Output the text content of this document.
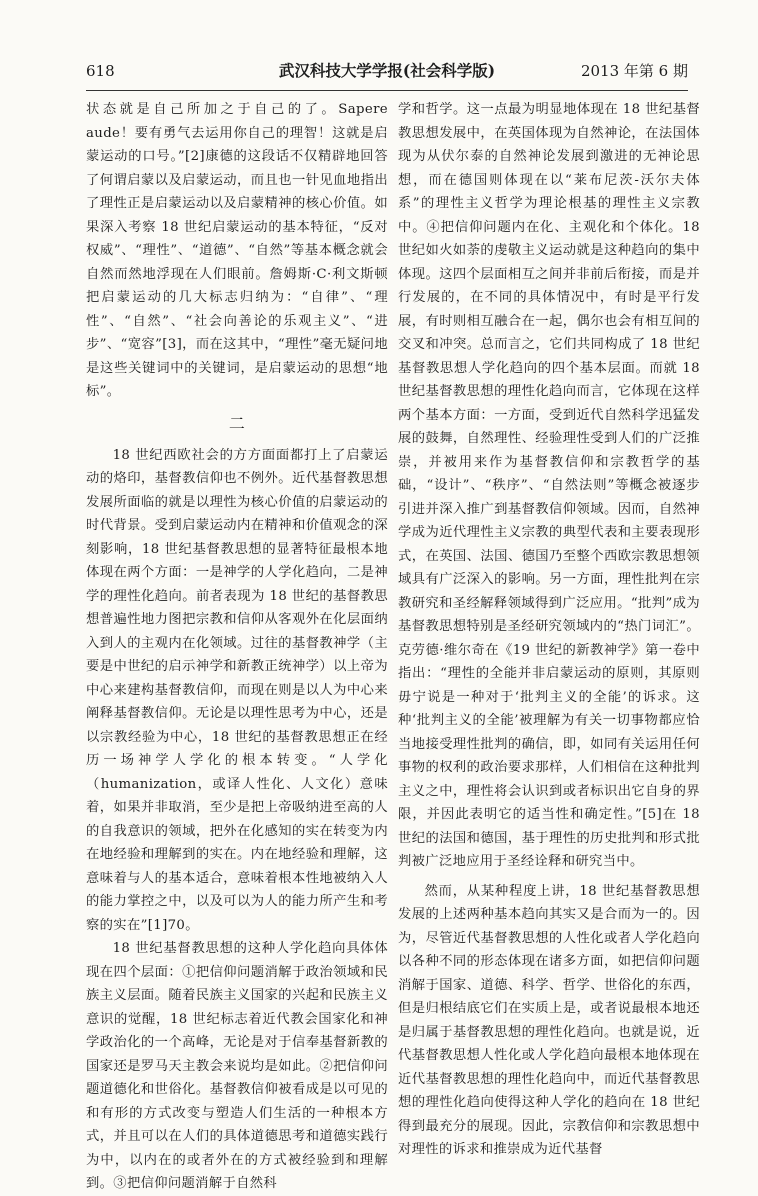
618	武汉科技大学学报(社会科学版)	2013 年第 6 期

状态就是自己所加之于自己的了。Sapere aude！要有勇气去运用你自己的理智！这就是启蒙运动的口号。”[2]康德的这段话不仅精辟地回答了何谓启蒙以及启蒙运动，而且也一针见血地指出了理性正是启蒙运动以及启蒙精神的核心价值。如果深入考察 18 世纪启蒙运动的基本特征，“反对权威”、“理性”、“道德”、“自然”等基本概念就会自然而然地浮现在人们眼前。詹姆斯·C·利文斯顿把启蒙运动的几大标志归纳为：“自律”、“理性”、“自然”、“社会向善论的乐观主义”、“进步”、“宽容”[3]，而在这其中，“理性”毫无疑问地是这些关键词中的关键词，是启蒙运动的思想“地标”。

二

18 世纪西欧社会的方方面面都打上了启蒙运动的烙印，基督教信仰也不例外。近代基督教思想发展所面临的就是以理性为核心价值的启蒙运动的时代背景。受到启蒙运动内在精神和价值观念的深刻影响，18 世纪基督教思想的显著特征最根本地体现在两个方面：一是神学的人学化趋向，二是神学的理性化趋向。前者表现为 18 世纪的基督教思想普遍性地力图把宗教和信仰从客观外在化层面纳入到人的主观内在化领域。过往的基督教神学（主要是中世纪的启示神学和新教正统神学）以上帝为中心来建构基督教信仰，而现在则是以人为中心来阐释基督教信仰。无论是以理性思考为中心，还是以宗教经验为中心，18 世纪的基督教思想正在经历一场神学人学化的根本转变。“人学化（humanization，或译人性化、人文化）意味着，如果并非取消，至少是把上帝吸纳进至高的人的自我意识的领域，把外在化感知的实在转变为内在地经验和理解到的实在。内在地经验和理解，这意味着与人的基本适合，意味着根本性地被纳入人的能力掌控之中，以及可以为人的能力所产生和考察的实在”[1]70。

18 世纪基督教思想的这种人学化趋向具体体现在四个层面：①把信仰问题消解于政治领域和民族主义层面。随着民族主义国家的兴起和民族主义意识的觉醒，18 世纪标志着近代教会国家化和神学政治化的一个高峰，无论是对于信奉基督新教的国家还是罗马天主教会来说均是如此。②把信仰问题道德化和世俗化。基督教信仰被看成是以可见的和有形的方式改变与塑造人们生活的一种根本方式，并且可以在人们的具体道德思考和道德实践行为中，以内在的或者外在的方式被经验到和理解到。③把信仰问题消解于自然科

学和哲学。这一点最为明显地体现在 18 世纪基督教思想发展中，在英国体现为自然神论，在法国体现为从伏尔泰的自然神论发展到激进的无神论思想，而在德国则体现在以“莱布尼茨-沃尔夫体系”的理性主义哲学为理论根基的理性主义宗教中。④把信仰问题内在化、主观化和个体化。18 世纪如火如荼的虔敬主义运动就是这种趋向的集中体现。这四个层面相互之间并非前后衔接，而是并行发展的，在不同的具体情况中，有时是平行发展，有时则相互融合在一起，偶尔也会有相互间的交叉和冲突。总而言之，它们共同构成了 18 世纪基督教思想人学化趋向的四个基本层面。而就 18 世纪基督教思想的理性化趋向而言，它体现在这样两个基本方面：一方面，受到近代自然科学迅猛发展的鼓舞，自然理性、经验理性受到人们的广泛推崇，并被用来作为基督教信仰和宗教哲学的基础，“设计”、“秩序”、“自然法则”等概念被逐步引进并深入推广到基督教信仰领域。因而，自然神学成为近代理性主义宗教的典型代表和主要表现形式，在英国、法国、德国乃至整个西欧宗教思想领域具有广泛深入的影响。另一方面，理性批判在宗教研究和圣经解释领域得到广泛应用。“批判”成为基督教思想特别是圣经研究领域内的“热门词汇”。克劳德·维尔奇在《19 世纪的新教神学》第一卷中指出：“理性的全能并非启蒙运动的原则，其原则毋宁说是一种对于‘批判主义的全能’的诉求。这种‘批判主义的全能’被理解为有关一切事物都应恰当地接受理性批判的确信，即，如同有关运用任何事物的权利的政治要求那样，人们相信在这种批判主义之中，理性将会认识到或者标识出它自身的界限，并因此表明它的适当性和确定性。”[5]在 18 世纪的法国和德国，基于理性的历史批判和形式批判被广泛地应用于圣经诠释和研究当中。

然而，从某种程度上讲，18 世纪基督教思想发展的上述两种基本趋向其实又是合而为一的。因为，尽管近代基督教思想的人性化或者人学化趋向以各种不同的形态体现在诸多方面，如把信仰问题消解于国家、道德、科学、哲学、世俗化的东西，但是归根结底它们在实质上是，或者说最根本地还是归属于基督教思想的理性化趋向。也就是说，近代基督教思想人性化或人学化趋向最根本地体现在近代基督教思想的理性化趋向中，而近代基督教思想的理性化趋向使得这种人学化的趋向在 18 世纪得到最充分的展现。因此，宗教信仰和宗教思想中对理性的诉求和推崇成为近代基督
